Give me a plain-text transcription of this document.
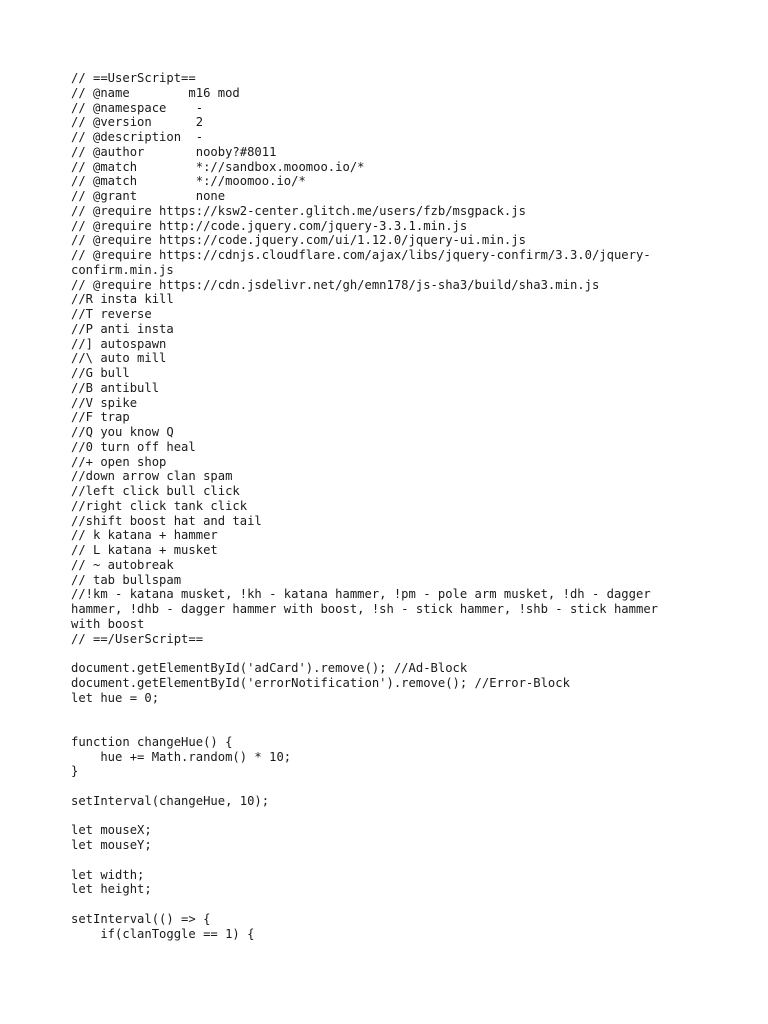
// ==UserScript==
// @name        m16 mod
// @namespace    -
// @version      2
// @description  -
// @author       nooby?#8011
// @match        *://sandbox.moomoo.io/*
// @match        *://moomoo.io/*
// @grant        none
// @require https://ksw2-center.glitch.me/users/fzb/msgpack.js
// @require http://code.jquery.com/jquery-3.3.1.min.js
// @require https://code.jquery.com/ui/1.12.0/jquery-ui.min.js
// @require https://cdnjs.cloudflare.com/ajax/libs/jquery-confirm/3.3.0/jquery-
confirm.min.js
// @require https://cdn.jsdelivr.net/gh/emn178/js-sha3/build/sha3.min.js
//R insta kill
//T reverse
//P anti insta
//] autospawn
//\ auto mill
//G bull
//B antibull
//V spike
//F trap
//Q you know Q
//0 turn off heal
//+ open shop
//down arrow clan spam
//left click bull click
//right click tank click
//shift boost hat and tail
// k katana + hammer
// L katana + musket
// ~ autobreak
// tab bullspam
//!km - katana musket, !kh - katana hammer, !pm - pole arm musket, !dh - dagger
hammer, !dhb - dagger hammer with boost, !sh - stick hammer, !shb - stick hammer
with boost
// ==/UserScript==
document.getElementById('adCard').remove(); //Ad-Block
document.getElementById('errorNotification').remove(); //Error-Block
let hue = 0;
function changeHue() {
hue += Math.random() * 10;
}
setInterval(changeHue, 10);
let mouseX;
let mouseY;
let width;
let height;
setInterval(() => {
if(clanToggle == 1) {
